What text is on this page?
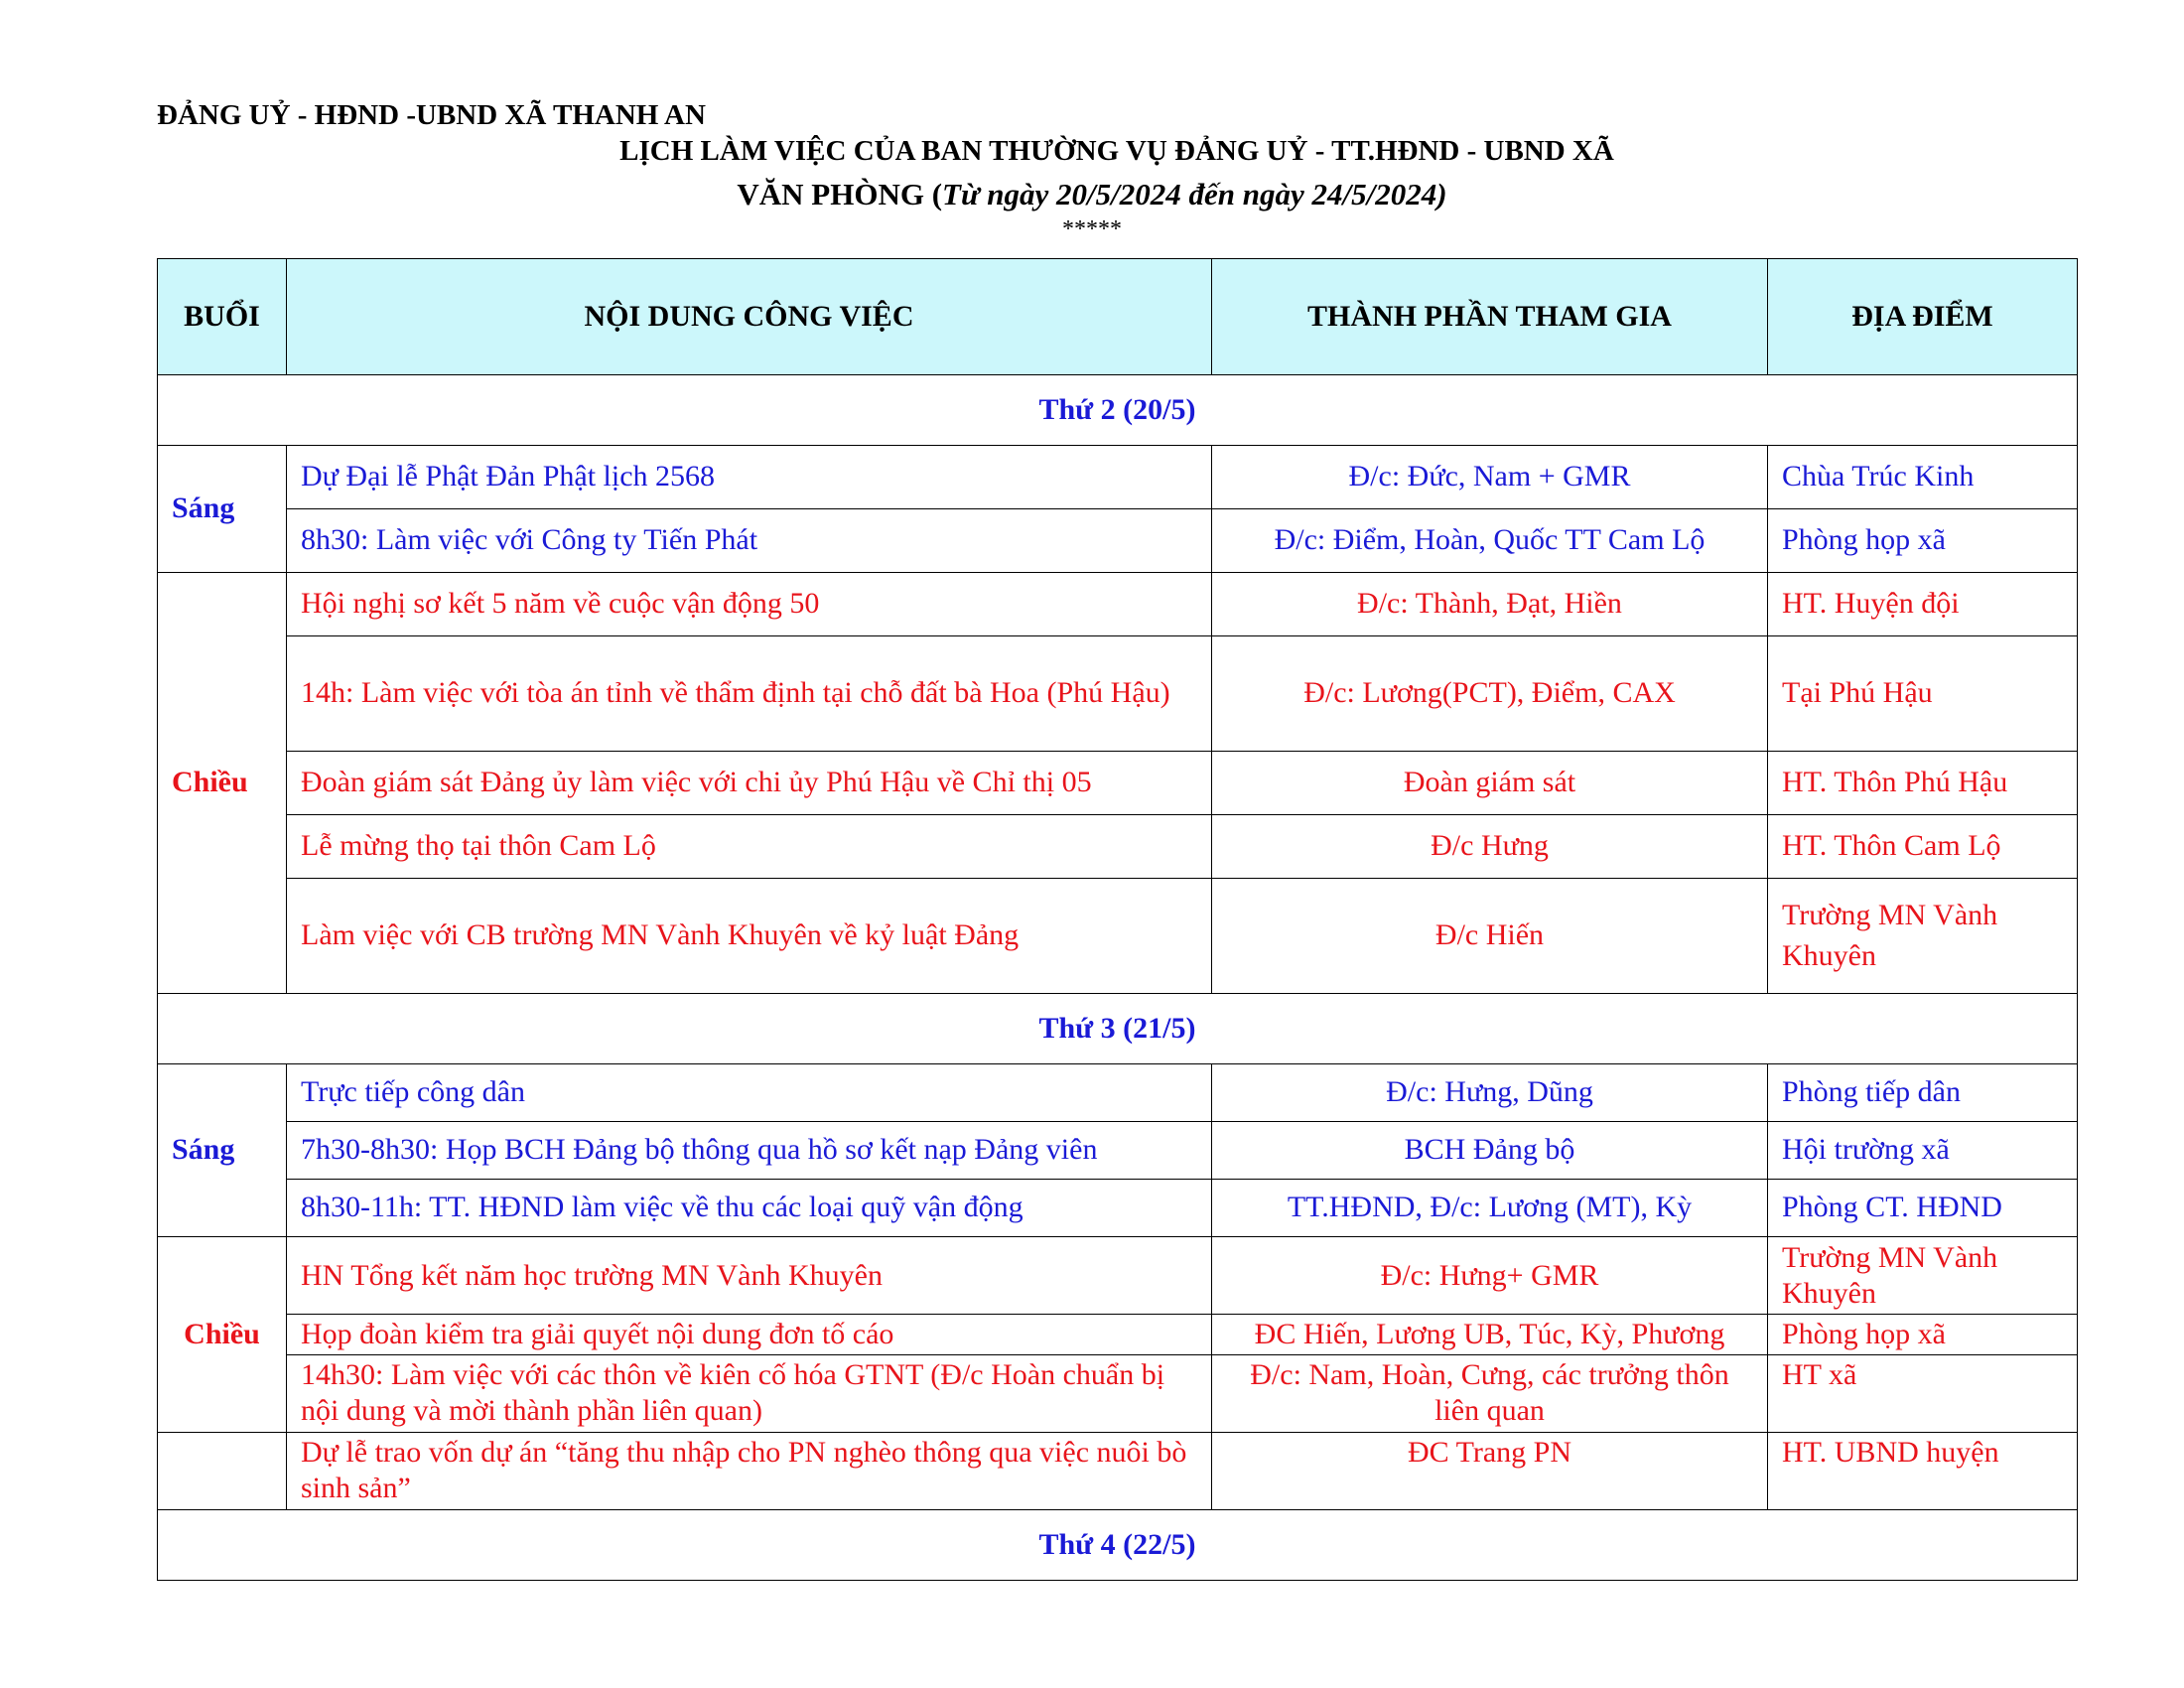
ĐẢNG UỶ - HĐND -UBND XÃ THANH AN
LỊCH LÀM VIỆC CỦA BAN THƯỜNG VỤ ĐẢNG UỶ - TT.HĐND - UBND XÃ
VĂN PHÒNG (Từ ngày 20/5/2024 đến ngày 24/5/2024)
*****
BUỔI	NỘI DUNG CÔNG VIỆC	THÀNH PHẦN THAM GIA	ĐỊA ĐIỂM
Thứ 2 (20/5)			
Sáng	Dự Đại lễ Phật Đản Phật lịch 2568	Đ/c: Đức, Nam + GMR	Chùa Trúc Kinh
	8h30: Làm việc với Công ty Tiến Phát	Đ/c: Điểm, Hoàn, Quốc TT Cam Lộ	Phòng họp xã
Chiều	Hội nghị sơ kết 5 năm về cuộc vận động 50	Đ/c: Thành, Đạt, Hiền	HT. Huyện đội
	14h: Làm việc với tòa án tỉnh về thẩm định tại chỗ đất bà Hoa (Phú Hậu)	Đ/c: Lương(PCT), Điểm, CAX	Tại Phú Hậu
	Đoàn giám sát Đảng ủy làm việc với chi ủy Phú Hậu về Chỉ thị 05	Đoàn giám sát	HT. Thôn Phú Hậu
	Lễ mừng thọ tại thôn Cam Lộ	Đ/c Hưng	HT. Thôn Cam Lộ
	Làm việc với CB trường MN Vành Khuyên về kỷ luật Đảng	Đ/c Hiến	Trường MN Vành Khuyên
Thứ 3 (21/5)			
Sáng	Trực tiếp công dân	Đ/c: Hưng, Dũng	Phòng tiếp dân
	7h30-8h30: Họp BCH Đảng bộ thông qua hồ sơ kết nạp Đảng viên	BCH Đảng bộ	Hội trường xã
	8h30-11h: TT. HĐND làm việc về thu các loại quỹ vận động	TT.HĐND, Đ/c: Lương (MT), Kỳ	Phòng CT. HĐND
Chiều	HN Tổng kết năm học trường MN Vành Khuyên	Đ/c: Hưng+ GMR	Trường MN Vành Khuyên
	Họp đoàn kiểm tra giải quyết nội dung đơn tố cáo	ĐC Hiến, Lương UB, Túc, Kỳ, Phương	Phòng họp xã
	14h30: Làm việc với các thôn về kiên cố hóa GTNT (Đ/c Hoàn chuẩn bị nội dung và mời thành phần liên quan)	Đ/c: Nam, Hoàn, Cưng, các trưởng thôn liên quan	HT xã
	Dự lễ trao vốn dự án “tăng thu nhập cho PN nghèo thông qua việc nuôi bò sinh sản”	ĐC Trang PN	HT. UBND huyện
Thứ 4 (22/5)			
